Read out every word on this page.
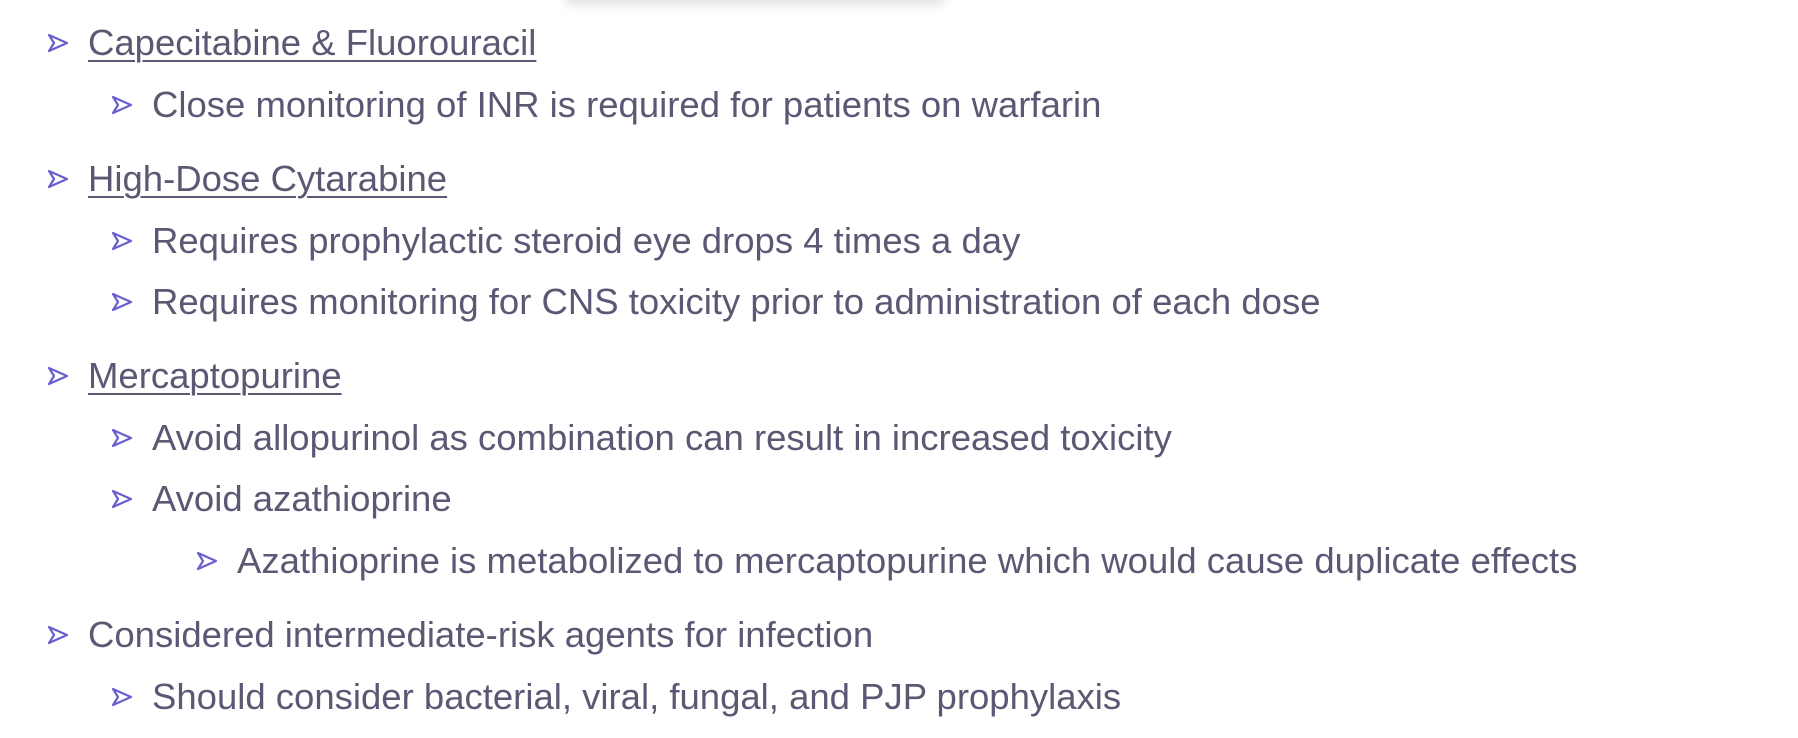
Capecitabine & Fluorouracil
Close monitoring of INR is required for patients on warfarin
High-Dose Cytarabine
Requires prophylactic steroid eye drops 4 times a day
Requires monitoring for CNS toxicity prior to administration of each dose
Mercaptopurine
Avoid allopurinol as combination can result in increased toxicity
Avoid azathioprine
Azathioprine is metabolized to mercaptopurine which would cause duplicate effects
Considered intermediate-risk agents for infection
Should consider bacterial, viral, fungal, and PJP prophylaxis
